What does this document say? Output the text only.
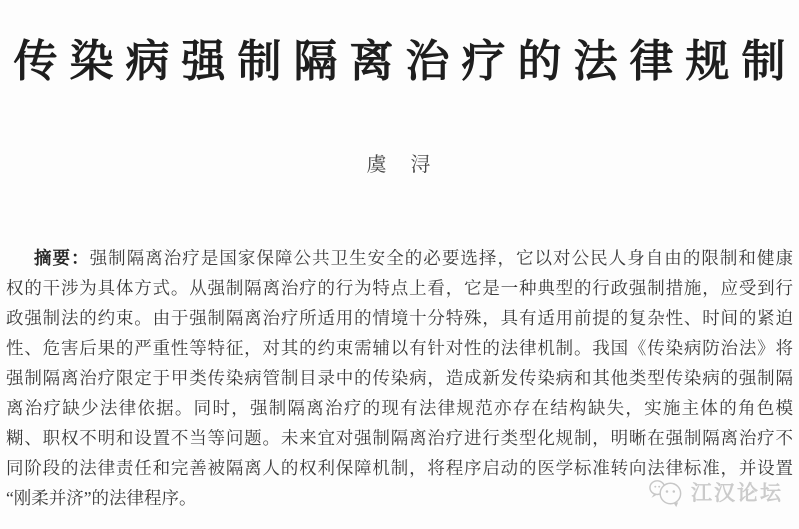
传染病强制隔离治疗的法律规制
虞　浔
摘要：强制隔离治疗是国家保障公共卫生安全的必要选择，它以对公民人身自由的限制和健康
权的干涉为具体方式。从强制隔离治疗的行为特点上看，它是一种典型的行政强制措施，应受到行
政强制法的约束。由于强制隔离治疗所适用的情境十分特殊，具有适用前提的复杂性、时间的紧迫
性、危害后果的严重性等特征，对其的约束需辅以有针对性的法律机制。我国《传染病防治法》将
强制隔离治疗限定于甲类传染病管制目录中的传染病，造成新发传染病和其他类型传染病的强制隔
离治疗缺少法律依据。同时，强制隔离治疗的现有法律规范亦存在结构缺失，实施主体的角色模
糊、职权不明和设置不当等问题。未来宜对强制隔离治疗进行类型化规制，明晰在强制隔离治疗不
同阶段的法律责任和完善被隔离人的权利保障机制，将程序启动的医学标准转向法律标准，并设置
“刚柔并济”的法律程序。	江汉论坛
